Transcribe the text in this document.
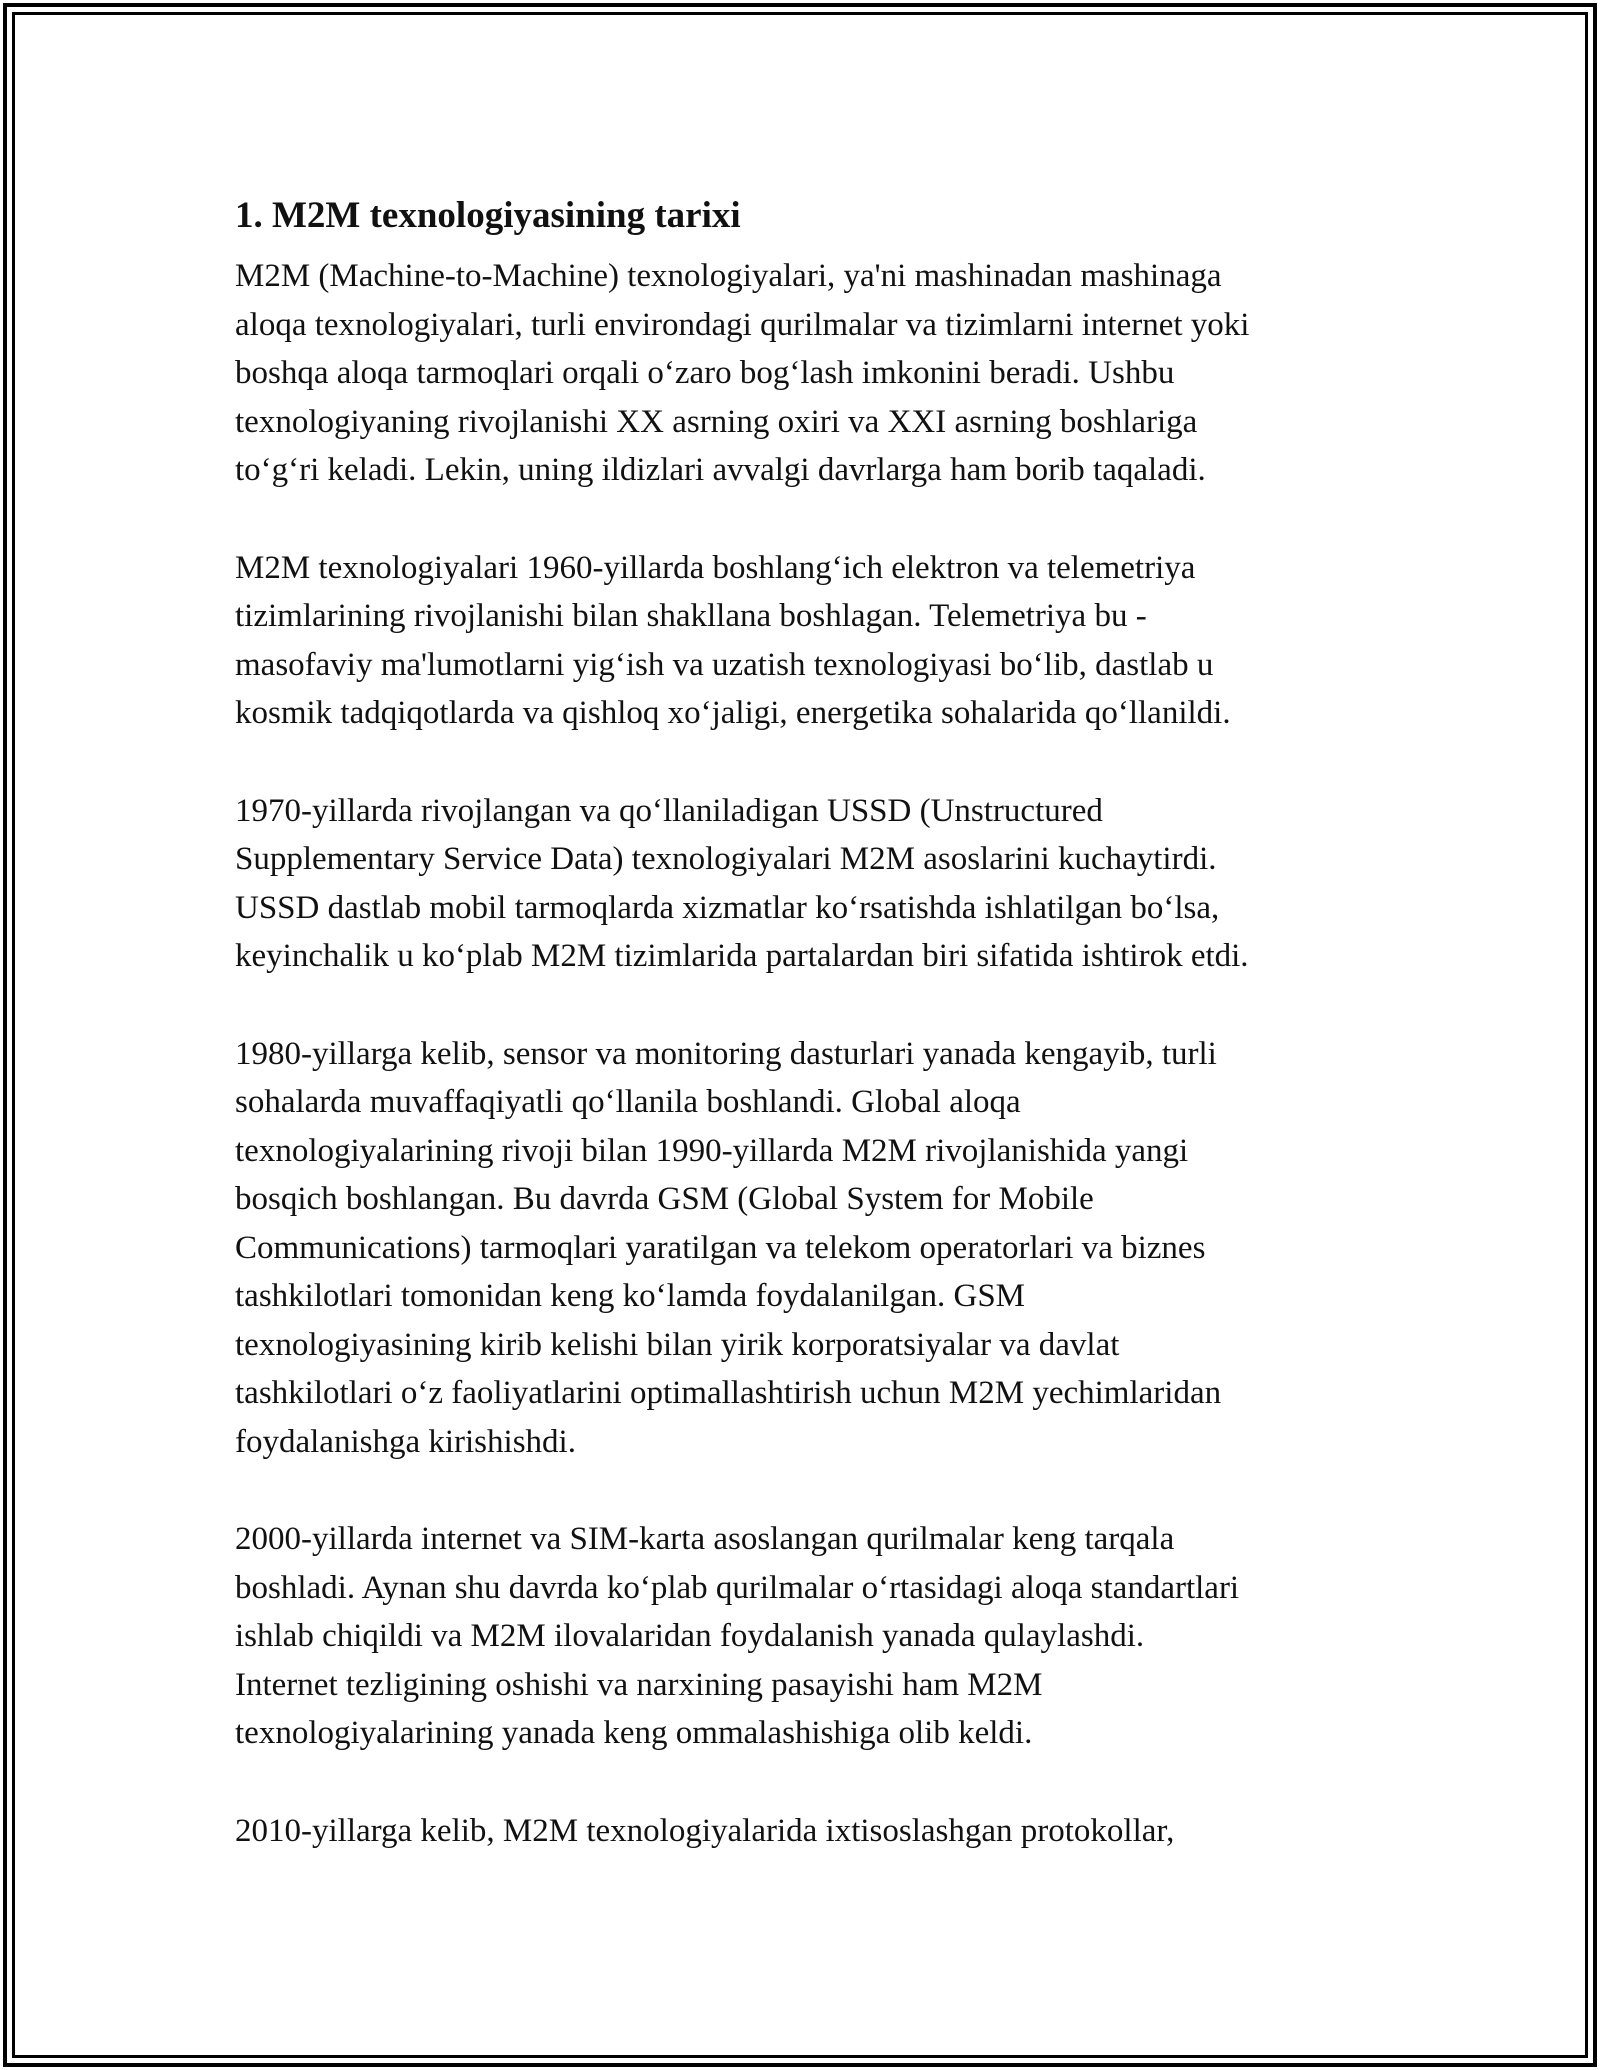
1. M2M texnologiyasining tarixi

M2M (Machine-to-Machine) texnologiyalari, ya'ni mashinadan mashinaga
aloqa texnologiyalari, turli environdagi qurilmalar va tizimlarni internet yoki
boshqa aloqa tarmoqlari orqali o‘zaro bog‘lash imkonini beradi. Ushbu
texnologiyaning rivojlanishi XX asrning oxiri va XXI asrning boshlariga
to‘g‘ri keladi. Lekin, uning ildizlari avvalgi davrlarga ham borib taqaladi.

M2M texnologiyalari 1960-yillarda boshlang‘ich elektron va telemetriya
tizimlarining rivojlanishi bilan shakllana boshlagan. Telemetriya bu -
masofaviy ma'lumotlarni yig‘ish va uzatish texnologiyasi bo‘lib, dastlab u
kosmik tadqiqotlarda va qishloq xo‘jaligi, energetika sohalarida qo‘llanildi.

1970-yillarda rivojlangan va qo‘llaniladigan USSD (Unstructured
Supplementary Service Data) texnologiyalari M2M asoslarini kuchaytirdi.
USSD dastlab mobil tarmoqlarda xizmatlar ko‘rsatishda ishlatilgan bo‘lsa,
keyinchalik u ko‘plab M2M tizimlarida partalardan biri sifatida ishtirok etdi.

1980-yillarga kelib, sensor va monitoring dasturlari yanada kengayib, turli
sohalarda muvaffaqiyatli qo‘llanila boshlandi. Global aloqa
texnologiyalarining rivoji bilan 1990-yillarda M2M rivojlanishida yangi
bosqich boshlangan. Bu davrda GSM (Global System for Mobile
Communications) tarmoqlari yaratilgan va telekom operatorlari va biznes
tashkilotlari tomonidan keng ko‘lamda foydalanilgan. GSM
texnologiyasining kirib kelishi bilan yirik korporatsiyalar va davlat
tashkilotlari o‘z faoliyatlarini optimallashtirish uchun M2M yechimlaridan
foydalanishga kirishishdi.

2000-yillarda internet va SIM-karta asoslangan qurilmalar keng tarqala
boshladi. Aynan shu davrda ko‘plab qurilmalar o‘rtasidagi aloqa standartlari
ishlab chiqildi va M2M ilovalaridan foydalanish yanada qulaylashdi.
Internet tezligining oshishi va narxining pasayishi ham M2M
texnologiyalarining yanada keng ommalashishiga olib keldi.

2010-yillarga kelib, M2M texnologiyalarida ixtisoslashgan protokollar,
